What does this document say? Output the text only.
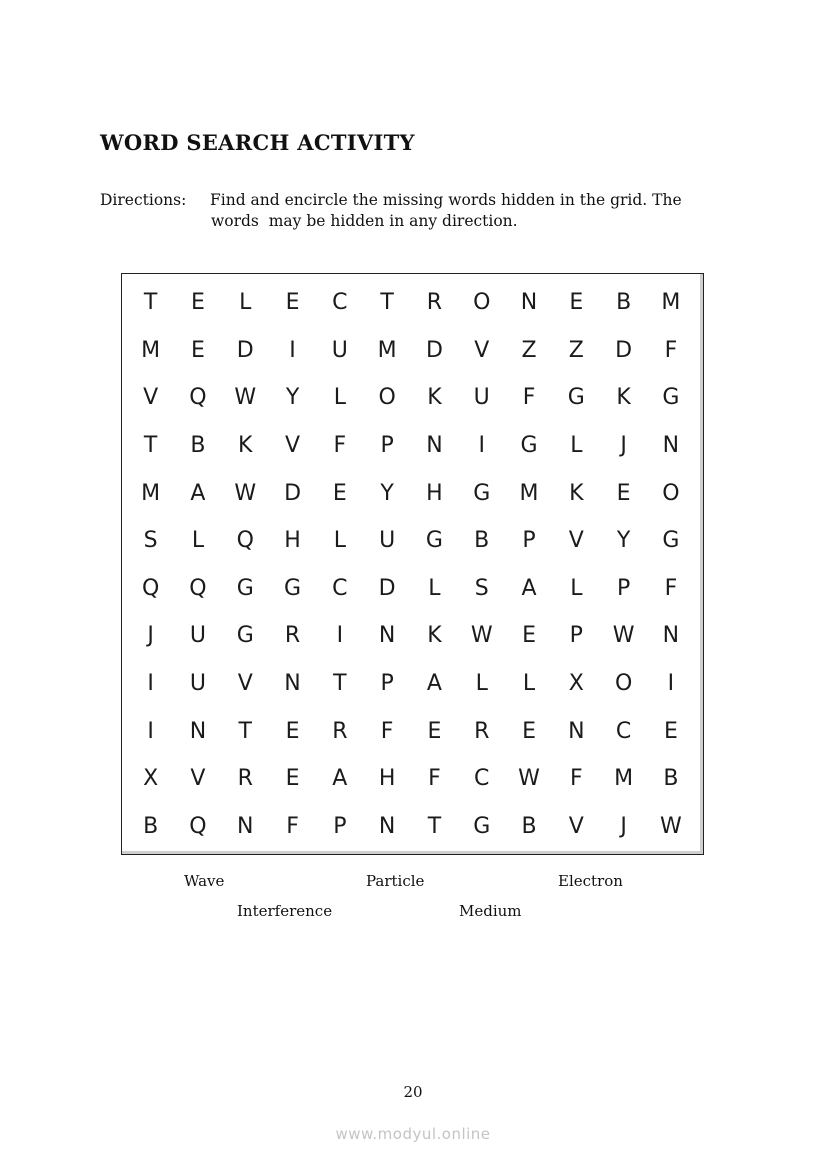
WORD SEARCH ACTIVITY
Directions: Find and encircle the missing words hidden in the grid. The
words  may be hidden in any direction.
T	E	L	E	C	T	R	O	N	E	B	M
M	E	D	I	U	M	D	V	Z	Z	D	F
V	Q	W	Y	L	O	K	U	F	G	K	G
T	B	K	V	F	P	N	I	G	L	J	N
M	A	W	D	E	Y	H	G	M	K	E	O
S	L	Q	H	L	U	G	B	P	V	Y	G
Q	Q	G	G	C	D	L	S	A	L	P	F
J	U	G	R	I	N	K	W	E	P	W	N
I	U	V	N	T	P	A	L	L	X	O	I
I	N	T	E	R	F	E	R	E	N	C	E
X	V	R	E	A	H	F	C	W	F	M	B
B	Q	N	F	P	N	T	G	B	V	J	W
Wave	Particle	Electron
Interference	Medium
20
www.modyul.online
